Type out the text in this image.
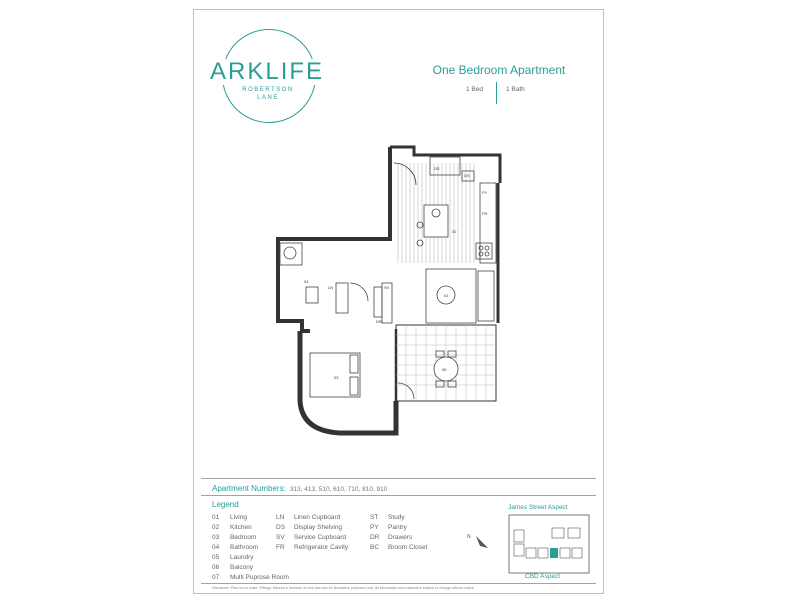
ARKLIFE
ROBERTSON
LANE
One Bedroom Apartment
1 Bed	1 Bath
DS
DS
PY
FR
02
01
04
LN	SV
DR
03
06
Apartment Numbers: 313, 413, 510, 610, 710, 810, 910
Legend
01 Living
02 Kitchen
03 Bedroom
04 Bathroom
05 Laundry
06 Balcony
07 Multi Puprose Room
LN Linen Cupboard
DS Display Shelving
SV Service Cupboard
FR Refrigerator Cavity
ST Study
PY Pantry
DR Drawers
BC Broom Closet
James Street Aspect
CBD Aspect
N
Disclaimer: Plan not to scale. Fittings, fixtures & furniture on this plan are for illustrative purposes only. All information and material is subject to change without notice.
